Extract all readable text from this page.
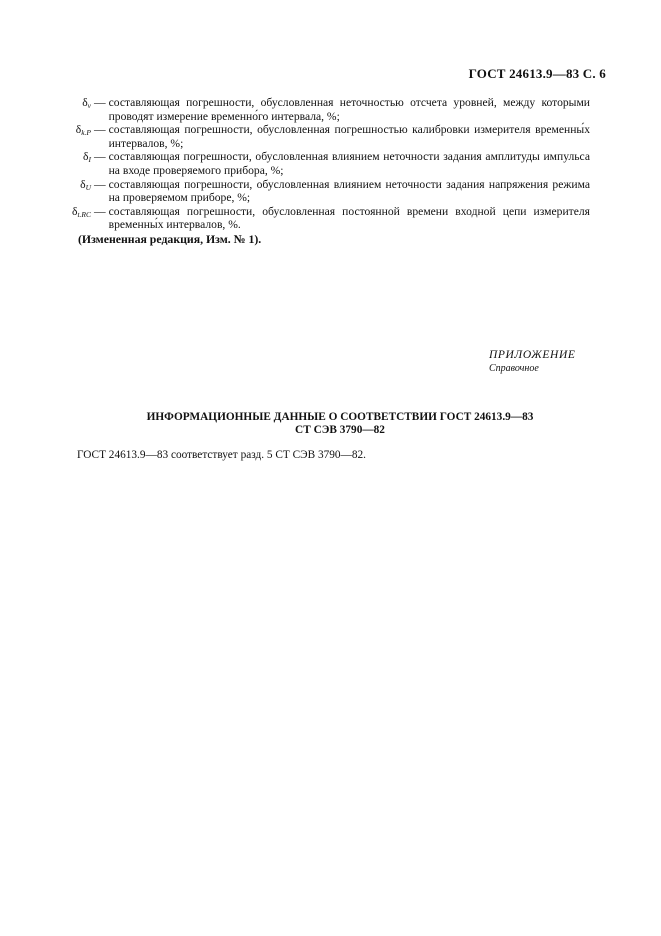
ГОСТ 24613.9—83 С. 6
$\delta_v$ — составляющая погрешности, обусловленная неточностью отсчета уровней, между которыми проводят измерение временно́го интервала, %;
$\delta_{k.P}$ — составляющая погрешности, обусловленная погрешностью калибровки измерителя временны́х интервалов, %;
$\delta_I$ — составляющая погрешности, обусловленная влиянием неточности задания амплитуды импульса на входе проверяемого прибора, %;
$\delta_U$ — составляющая погрешности, обусловленная влиянием неточности задания напряжения режима на проверяемом приборе, %;
$\delta_{t.RC}$ — составляющая погрешности, обусловленная постоянной времени входной цепи измерителя временны́х интервалов, %.
(Измененная редакция, Изм. № 1).
ПРИЛОЖЕНИЕ
Справочное
ИНФОРМАЦИОННЫЕ ДАННЫЕ О СООТВЕТСТВИИ ГОСТ 24613.9—83
СТ СЭВ 3790—82
ГОСТ 24613.9—83 соответствует разд. 5 СТ СЭВ 3790—82.
